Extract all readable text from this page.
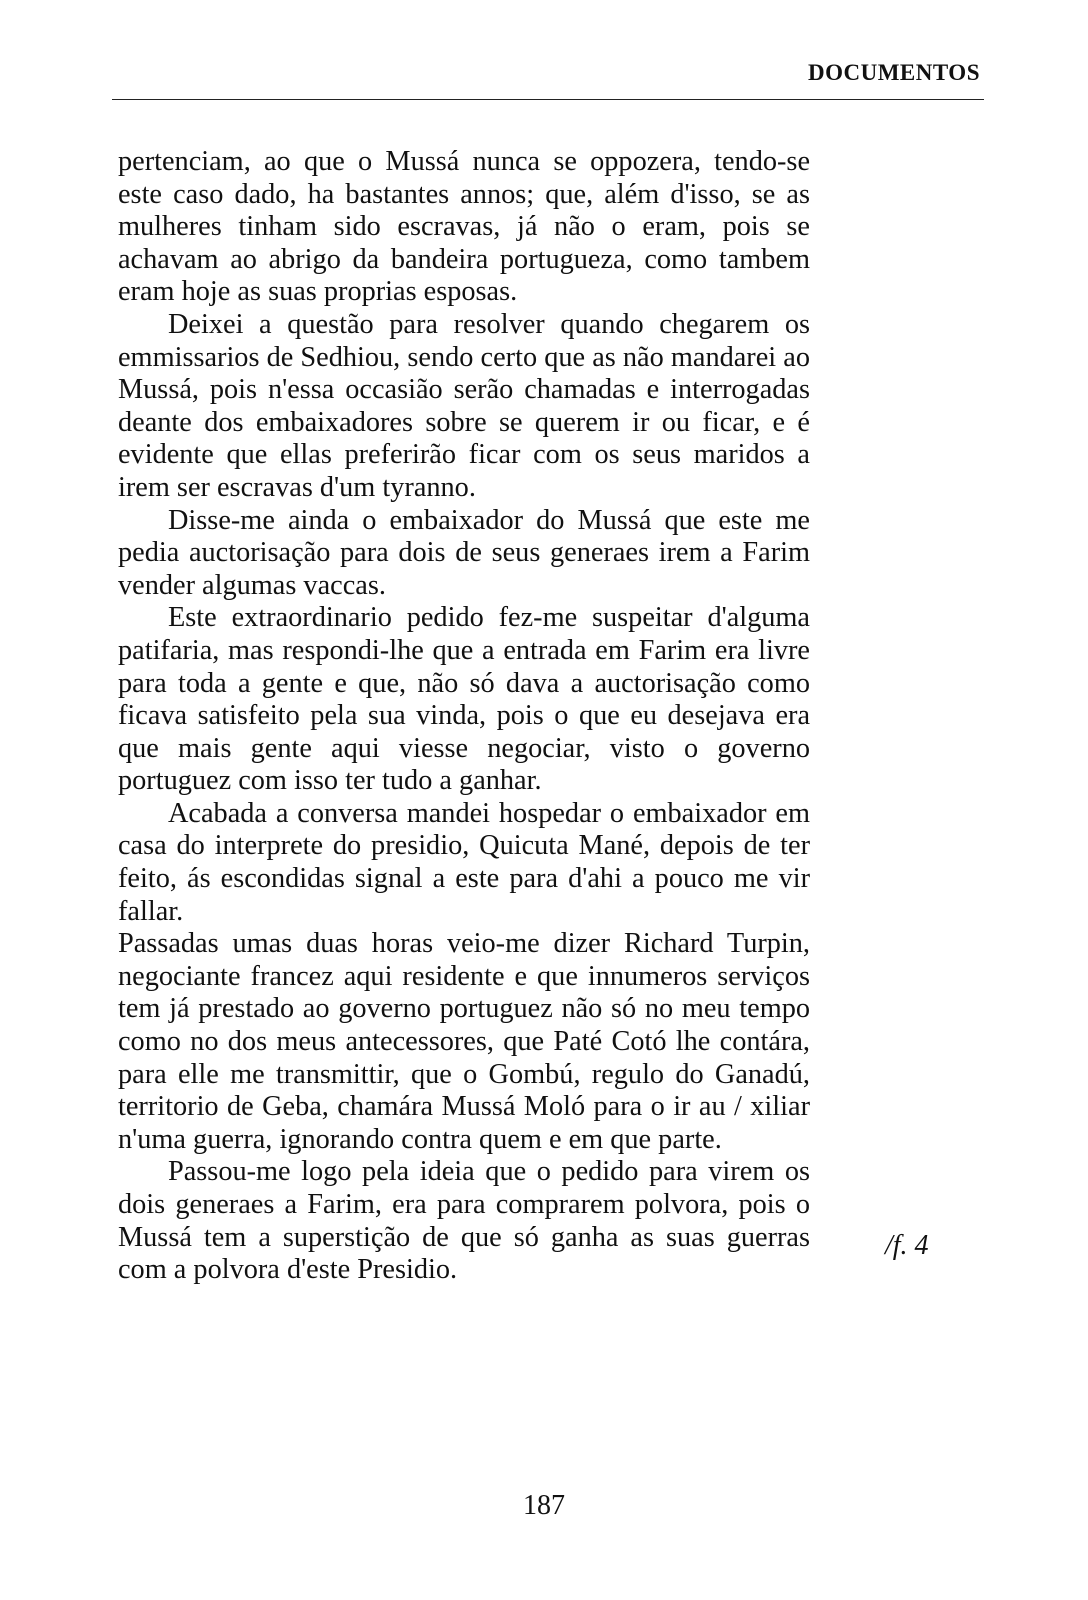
DOCUMENTOS

pertenciam, ao que o Mussá nunca se oppozera, tendo-se este caso dado, ha bastantes annos; que, além d'isso, se as mulheres tinham sido escravas, já não o eram, pois se achavam ao abrigo da bandeira portugueza, como tambem eram hoje as suas proprias esposas.

Deixei a questão para resolver quando chegarem os emmissarios de Sedhiou, sendo certo que as não mandarei ao Mussá, pois n'essa occasião serão chamadas e interrogadas deante dos embaixadores sobre se querem ir ou ficar, e é evidente que ellas preferirão ficar com os seus maridos a irem ser escravas d'um tyranno.

Disse-me ainda o embaixador do Mussá que este me pedia auctorisação para dois de seus generaes irem a Farim vender algumas vaccas.

Este extraordinario pedido fez-me suspeitar d'alguma patifaria, mas respondi-lhe que a entrada em Farim era livre para toda a gente e que, não só dava a auctorisação como ficava satisfeito pela sua vinda, pois o que eu desejava era que mais gente aqui viesse negociar, visto o governo portuguez com isso ter tudo a ganhar.

Acabada a conversa mandei hospedar o embaixador em casa do interprete do presidio, Quicuta Mané, depois de ter feito, ás escondidas signal a este para d'ahi a pouco me vir fallar.

Passadas umas duas horas veio-me dizer Richard Turpin, negociante francez aqui residente e que innumeros serviços tem já prestado ao governo portuguez não só no meu tempo como no dos meus antecessores, que Paté Cotó lhe contára, para elle me transmittir, que o Gombú, regulo do Ganadú, territorio de Geba, chamára Mussá Moló para o ir au / xiliar n'uma guerra, ignorando contra quem e em que parte.

Passou-me logo pela ideia que o pedido para virem os dois generaes a Farim, era para comprarem polvora, pois o Mussá tem a superstição de que só ganha as suas guerras com a polvora d'este Presidio.

/f. 4
187
